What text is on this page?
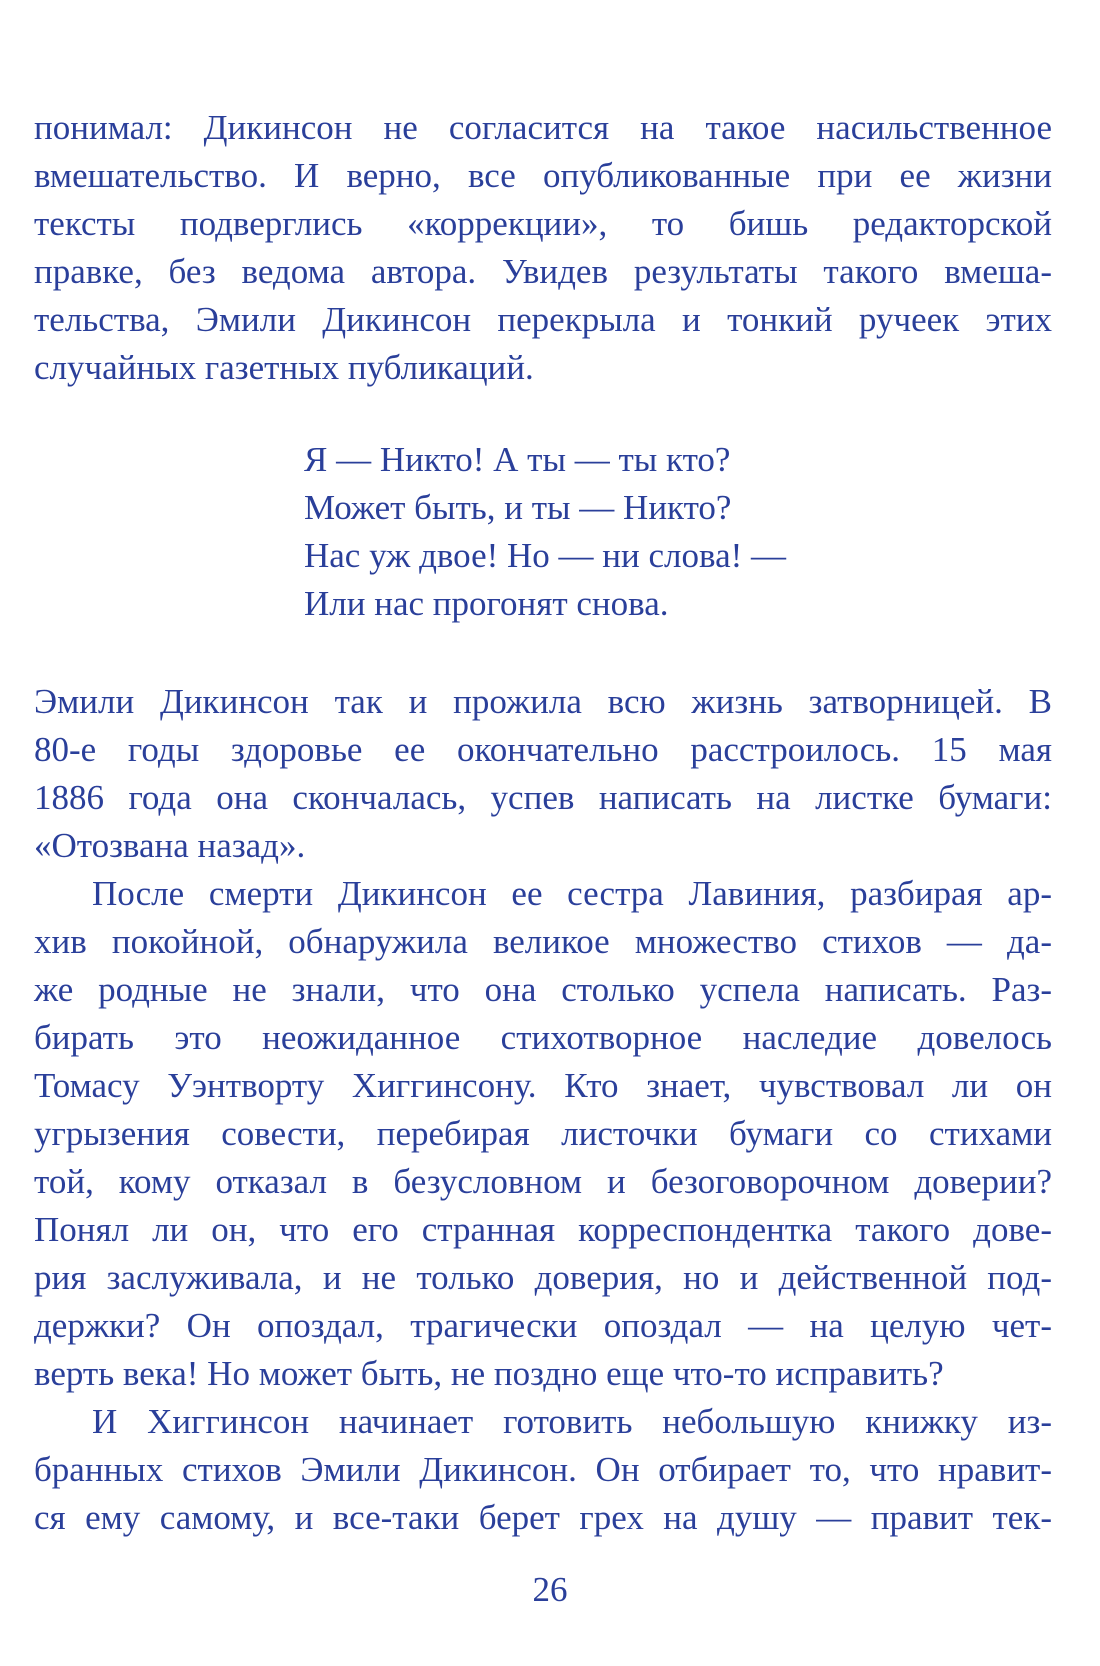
понимал: Дикинсон не согласится на такое насильственное
вмешательство. И верно, все опубликованные при ее жизни
тексты подверглись «коррекции», то бишь редакторской
правке, без ведома автора. Увидев результаты такого вмеша-
тельства, Эмили Дикинсон перекрыла и тонкий ручеек этих
случайных газетных публикаций.
Я — Никто! А ты — ты кто?
Может быть, и ты — Никто?
Нас уж двое! Но — ни слова! —
Или нас прогонят снова.
Эмили Дикинсон так и прожила всю жизнь затворницей. В
80-е годы здоровье ее окончательно расстроилось. 15 мая
1886 года она скончалась, успев написать на листке бумаги:
«Отозвана назад».
После смерти Дикинсон ее сестра Лавиния, разбирая ар-
хив покойной, обнаружила великое множество стихов — да-
же родные не знали, что она столько успела написать. Раз-
бирать это неожиданное стихотворное наследие довелось
Томасу Уэнтворту Хиггинсону. Кто знает, чувствовал ли он
угрызения совести, перебирая листочки бумаги со стихами
той, кому отказал в безусловном и безоговорочном доверии?
Понял ли он, что его странная корреспондентка такого дове-
рия заслуживала, и не только доверия, но и действенной под-
держки? Он опоздал, трагически опоздал — на целую чет-
верть века! Но может быть, не поздно еще что-то исправить?
И Хиггинсон начинает готовить небольшую книжку из-
бранных стихов Эмили Дикинсон. Он отбирает то, что нравит-
ся ему самому, и все-таки берет грех на душу — правит тек-
26
